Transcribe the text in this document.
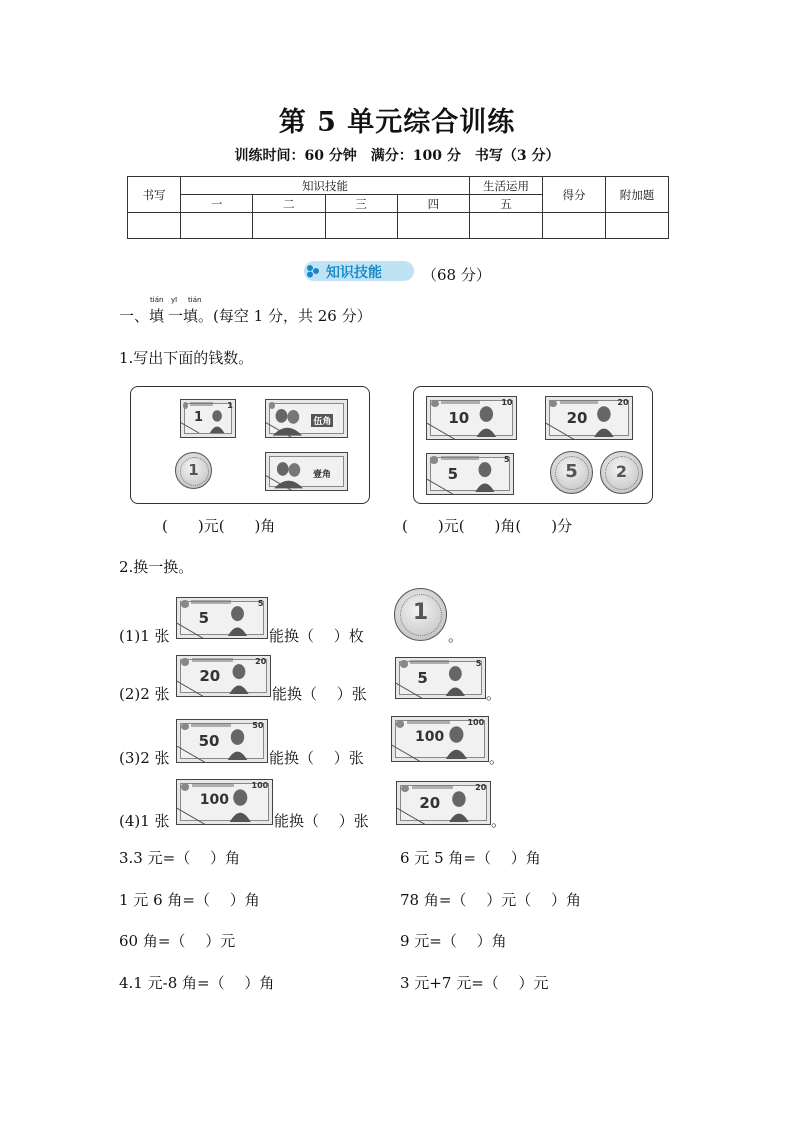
第 5 单元综合训练
训练时间：60 分钟　满分：100 分　书写（3 分）
书写	知识技能				生活运用	得分	附加题
	一	二	三	四	五		

知识技能	（68 分）
一、
tián
填
yī tián
一填。(每空 1 分，共 26 分）
1.写出下面的钱数。
1
1
伍角
1	壹角
10
10
20
20
5
5
5	2
(　　)元(　　)角	(　　)元(　　)角(　　)分
2.换一换。
(1)1 张
5
5
能换（　 ）枚
1
。
(2)2 张
20
20
能换（　 ）张
5
5
。
(3)2 张
50
50
能换（　 ）张
100
100
。
(4)1 张
100
100
能换（　 ）张
20
20
。
3.3 元=（　 ）角	6 元 5 角=（　 ）角
1 元 6 角=（　 ）角	78 角=（　 ）元（　 ）角
60 角=（　 ）元	9 元=（　 ）角
4.1 元-8 角=（　 ）角	3 元+7 元=（　 ）元
